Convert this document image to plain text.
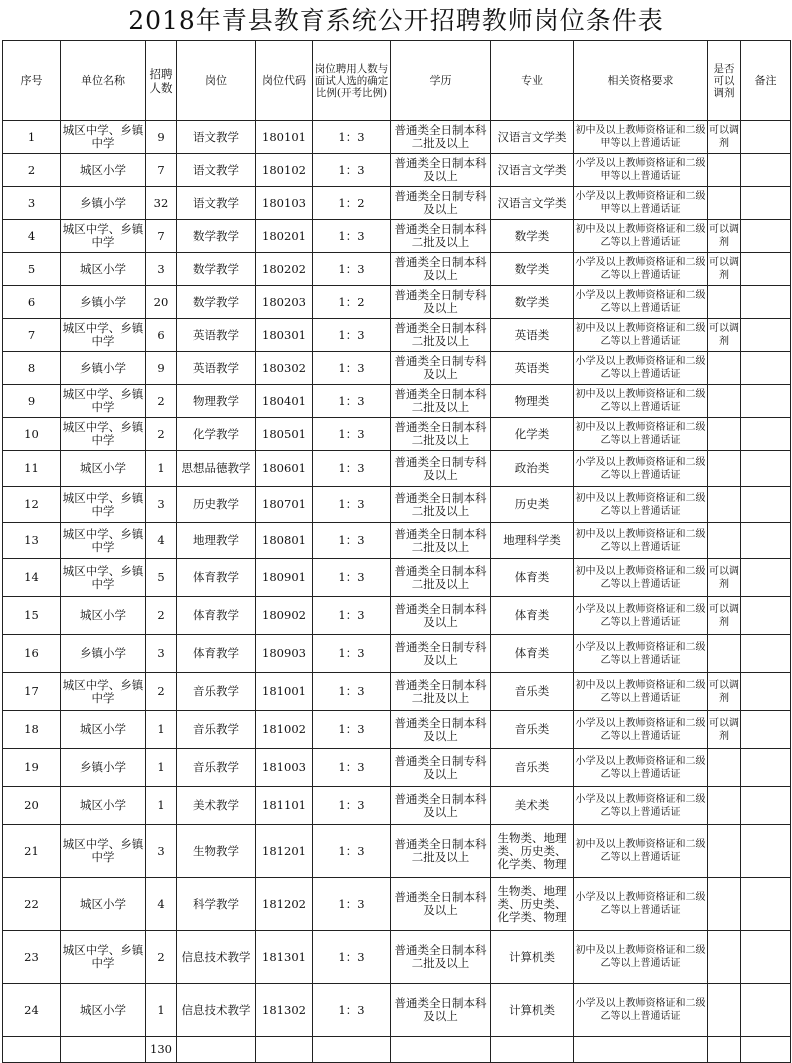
2018年青县教育系统公开招聘教师岗位条件表
序号	单位名称	招聘人数	岗位	岗位代码	岗位聘用人数与面试人选的确定比例(开考比例)	学历	专业	相关资格要求	是否可以调剂	备注
1	城区中学、乡镇中学	9	语文教学	180101	1：3	普通类全日制本科二批及以上	汉语言文学类	初中及以上教师资格证和二级甲等以上普通话证	可以调剂	
2	城区小学	7	语文教学	180102	1：3	普通类全日制本科及以上	汉语言文学类	小学及以上教师资格证和二级甲等以上普通话证		
3	乡镇小学	32	语文教学	180103	1：2	普通类全日制专科及以上	汉语言文学类	小学及以上教师资格证和二级甲等以上普通话证		
4	城区中学、乡镇中学	7	数学教学	180201	1：3	普通类全日制本科二批及以上	数学类	初中及以上教师资格证和二级乙等以上普通话证	可以调剂	
5	城区小学	3	数学教学	180202	1：3	普通类全日制本科及以上	数学类	小学及以上教师资格证和二级乙等以上普通话证	可以调剂	
6	乡镇小学	20	数学教学	180203	1：2	普通类全日制专科及以上	数学类	小学及以上教师资格证和二级乙等以上普通话证		
7	城区中学、乡镇中学	6	英语教学	180301	1：3	普通类全日制本科二批及以上	英语类	初中及以上教师资格证和二级乙等以上普通话证	可以调剂	
8	乡镇小学	9	英语教学	180302	1：3	普通类全日制专科及以上	英语类	小学及以上教师资格证和二级乙等以上普通话证		
9	城区中学、乡镇中学	2	物理教学	180401	1：3	普通类全日制本科二批及以上	物理类	初中及以上教师资格证和二级乙等以上普通话证		
10	城区中学、乡镇中学	2	化学教学	180501	1：3	普通类全日制本科二批及以上	化学类	初中及以上教师资格证和二级乙等以上普通话证		
11	城区小学	1	思想品德教学	180601	1：3	普通类全日制专科及以上	政治类	小学及以上教师资格证和二级乙等以上普通话证		
12	城区中学、乡镇中学	3	历史教学	180701	1：3	普通类全日制本科二批及以上	历史类	初中及以上教师资格证和二级乙等以上普通话证		
13	城区中学、乡镇中学	4	地理教学	180801	1：3	普通类全日制本科二批及以上	地理科学类	初中及以上教师资格证和二级乙等以上普通话证		
14	城区中学、乡镇中学	5	体育教学	180901	1：3	普通类全日制本科二批及以上	体育类	初中及以上教师资格证和二级乙等以上普通话证	可以调剂	
15	城区小学	2	体育教学	180902	1：3	普通类全日制本科及以上	体育类	小学及以上教师资格证和二级乙等以上普通话证	可以调剂	
16	乡镇小学	3	体育教学	180903	1：3	普通类全日制专科及以上	体育类	小学及以上教师资格证和二级乙等以上普通话证		
17	城区中学、乡镇中学	2	音乐教学	181001	1：3	普通类全日制本科二批及以上	音乐类	初中及以上教师资格证和二级乙等以上普通话证	可以调剂	
18	城区小学	1	音乐教学	181002	1：3	普通类全日制本科及以上	音乐类	小学及以上教师资格证和二级乙等以上普通话证	可以调剂	
19	乡镇小学	1	音乐教学	181003	1：3	普通类全日制专科及以上	音乐类	小学及以上教师资格证和二级乙等以上普通话证		
20	城区小学	1	美术教学	181101	1：3	普通类全日制本科及以上	美术类	小学及以上教师资格证和二级乙等以上普通话证		
21	城区中学、乡镇中学	3	生物教学	181201	1：3	普通类全日制本科二批及以上	生物类、地理类、历史类、化学类、物理	初中及以上教师资格证和二级乙等以上普通话证		
22	城区小学	4	科学教学	181202	1：3	普通类全日制本科及以上	生物类、地理类、历史类、化学类、物理	小学及以上教师资格证和二级乙等以上普通话证		
23	城区中学、乡镇中学	2	信息技术教学	181301	1：3	普通类全日制本科二批及以上	计算机类	初中及以上教师资格证和二级乙等以上普通话证		
24	城区小学	1	信息技术教学	181302	1：3	普通类全日制本科及以上	计算机类	小学及以上教师资格证和二级乙等以上普通话证		
		130								
